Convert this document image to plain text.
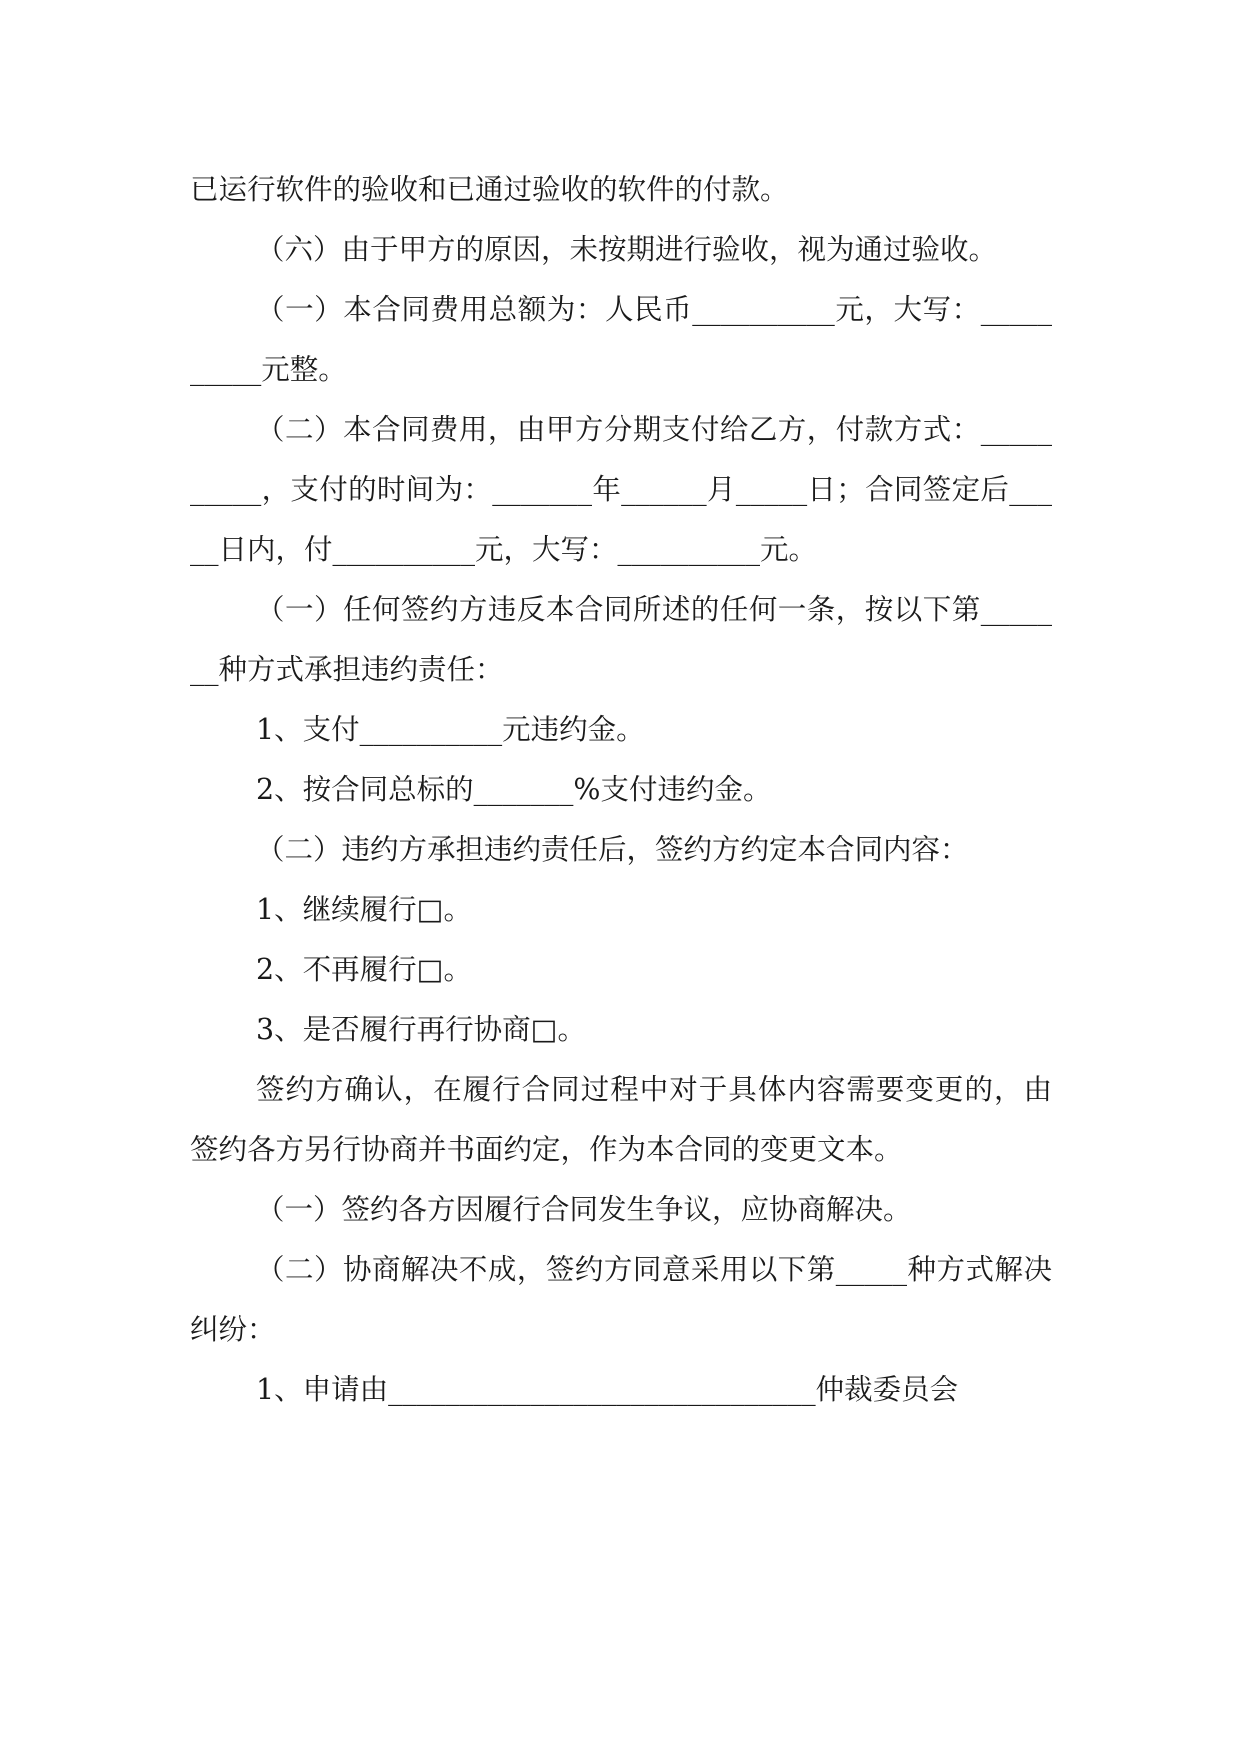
已运行软件的验收和已通过验收的软件的付款。

（六）由于甲方的原因，未按期进行验收，视为通过验收。

（一）本合同费用总额为：人民币__________元，大写：__________元整。

（二）本合同费用，由甲方分期支付给乙方，付款方式：__________，支付的时间为：_______年______月_____日；合同签定后_____日内，付__________元，大写：__________元。

（一）任何签约方违反本合同所述的任何一条，按以下第_______种方式承担违约责任：

1、支付__________元违约金。

2、按合同总标的_______%支付违约金。

（二）违约方承担违约责任后，签约方约定本合同内容：

1、继续履行□。

2、不再履行□。

3、是否履行再行协商□。

签约方确认，在履行合同过程中对于具体内容需要变更的，由签约各方另行协商并书面约定，作为本合同的变更文本。

（一）签约各方因履行合同发生争议，应协商解决。

（二）协商解决不成，签约方同意采用以下第_____种方式解决纠纷：

1、申请由______________________________仲裁委员会
